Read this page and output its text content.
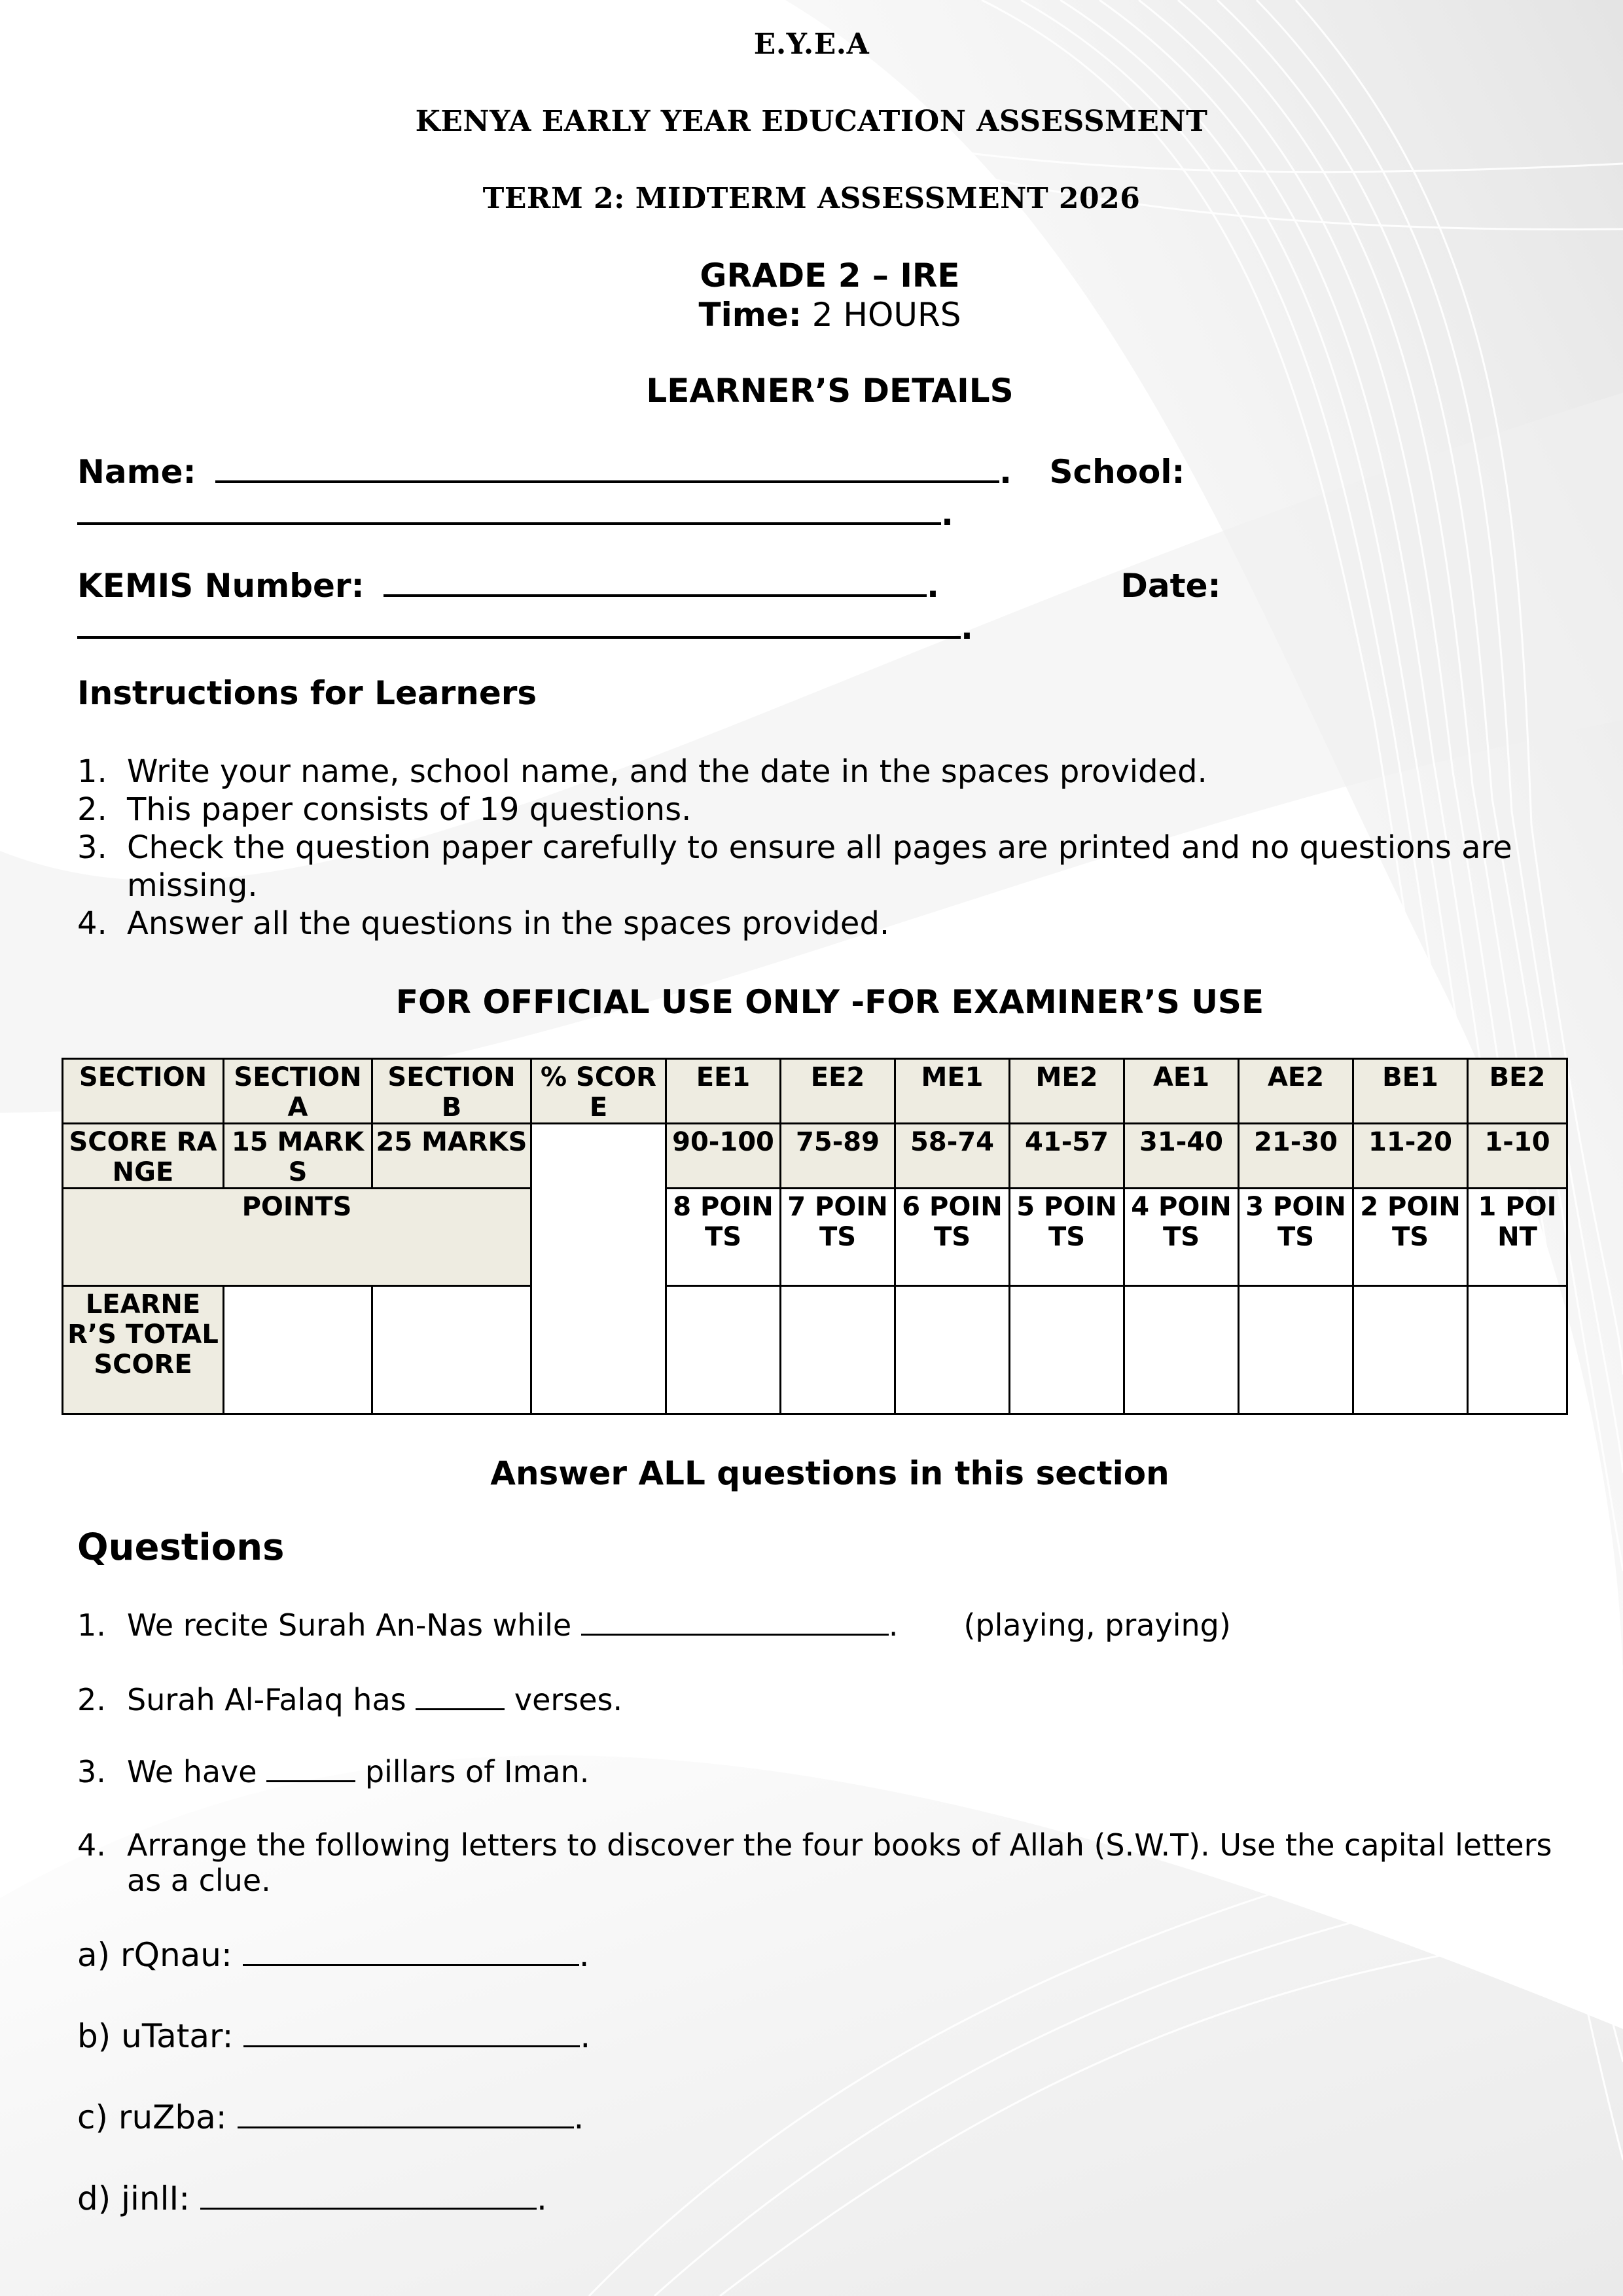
E.Y.E.A
KENYA EARLY YEAR EDUCATION ASSESSMENT
TERM 2: MIDTERM ASSESSMENT 2026
GRADE 2 – IRE
Time: 2 HOURS
LEARNER’S DETAILS
Name:	. School:
.
KEMIS Number:	.	Date:
.
Instructions for Learners
1. Write your name, school name, and the date in the spaces provided.
2. This paper consists of 19 questions.
3. Check the question paper carefully to ensure all pages are printed and no questions are missing.
4. Answer all the questions in the spaces provided.
FOR OFFICIAL USE ONLY -FOR EXAMINER’S USE
SECTION	SECTION A	SECTION B	% SCORE	EE1	EE2	ME1	ME2	AE1	AE2	BE1	BE2
SCORE RANGE	15 MARKS	25 MARKS		90-100	75-89	58-74	41-57	31-40	21-30	11-20	1-10
POINTS				8 POINTS	7 POINTS	6 POINTS	5 POINTS	4 POINTS	3 POINTS	2 POINTS	1 POINT
LEARNER’S TOTAL SCORE											
Answer ALL questions in this section
Questions
1. We recite Surah An-Nas while	. (playing, praying)
2. Surah Al-Falaq has	verses.
3. We have	pillars of Iman.
4. Arrange the following letters to discover the four books of Allah (S.W.T). Use the capital letters as a clue.
a) rQnau:	.
b) uTatar:	.
c) ruZba:	.
d) jinlI:	.
